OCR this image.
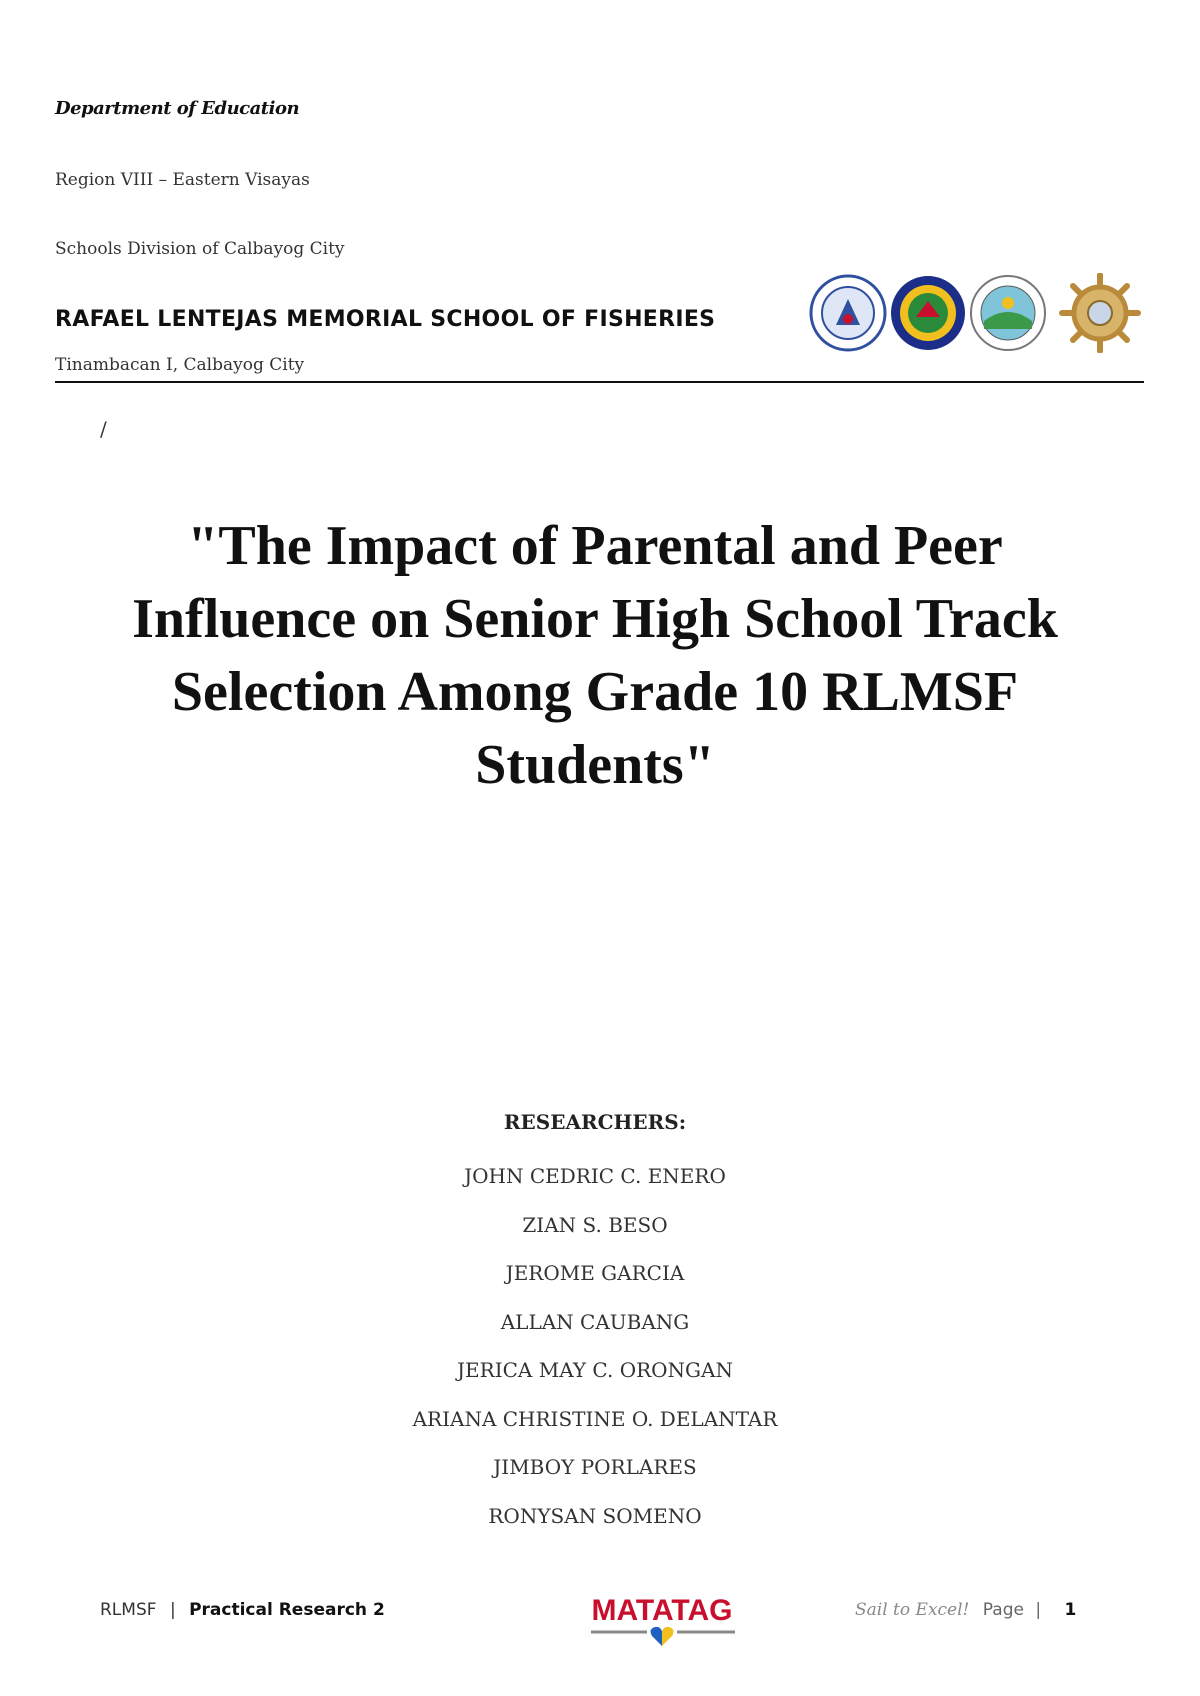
Department of Education
Region VIII – Eastern Visayas
Schools Division of Calbayog City
RAFAEL LENTEJAS MEMORIAL SCHOOL OF FISHERIES
Tinambacan I, Calbayog City
/
"The Impact of Parental and Peer
Influence on Senior High School Track
Selection Among Grade 10 RLMSF
Students"
RESEARCHERS:
JOHN CEDRIC C. ENERO
ZIAN S. BESO
JEROME GARCIA
ALLAN CAUBANG
JERICA MAY C. ORONGAN
ARIANA CHRISTINE O. DELANTAR
JIMBOY PORLARES
RONYSAN SOMENO
RLMSF | Practical Research 2	MATATAG	Sail to Excel! Page | 1
